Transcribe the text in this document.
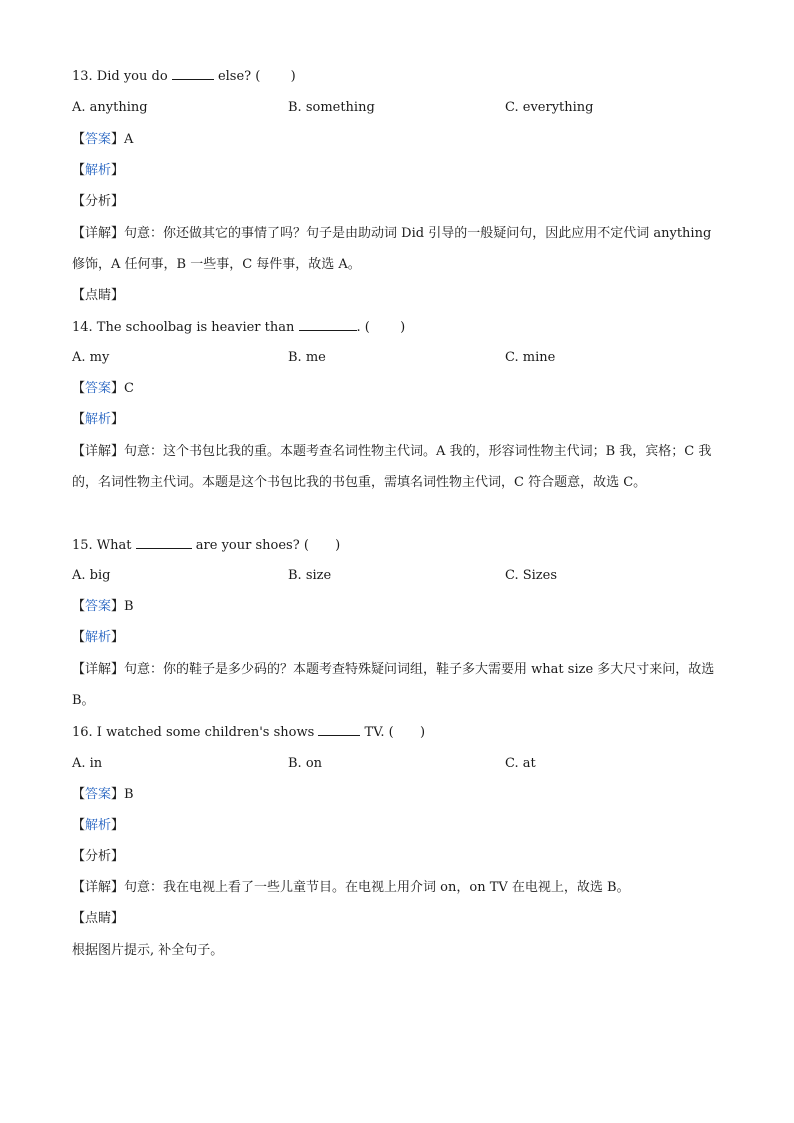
13. Did you do	else? ( )
A. anything	B. something	C. everything
【答案】A
【解析】
【分析】
【详解】句意：你还做其它的事情了吗？句子是由助动词 Did 引导的一般疑问句，因此应用不定代词 anything 修饰，A 任何事，B 一些事，C 每件事，故选 A。
【点睛】
14. The schoolbag is heavier than	. ( )
A. my	B. me	C. mine
【答案】C
【解析】
【详解】句意：这个书包比我的重。本题考查名词性物主代词。A 我的，形容词性物主代词；B 我，宾格；C 我的，名词性物主代词。本题是这个书包比我的书包重，需填名词性物主代词，C 符合题意，故选 C。
15. What	are your shoes? ( )
A. big	B. size	C. Sizes
【答案】B
【解析】
【详解】句意：你的鞋子是多少码的？本题考查特殊疑问词组，鞋子多大需要用 what size 多大尺寸来问，故选 B。
16. I watched some children's shows	TV. ( )
A. in	B. on	C. at
【答案】B
【解析】
【分析】
【详解】句意：我在电视上看了一些儿童节目。在电视上用介词 on，on TV 在电视上，故选 B。
【点睛】
根据图片提示, 补全句子。
